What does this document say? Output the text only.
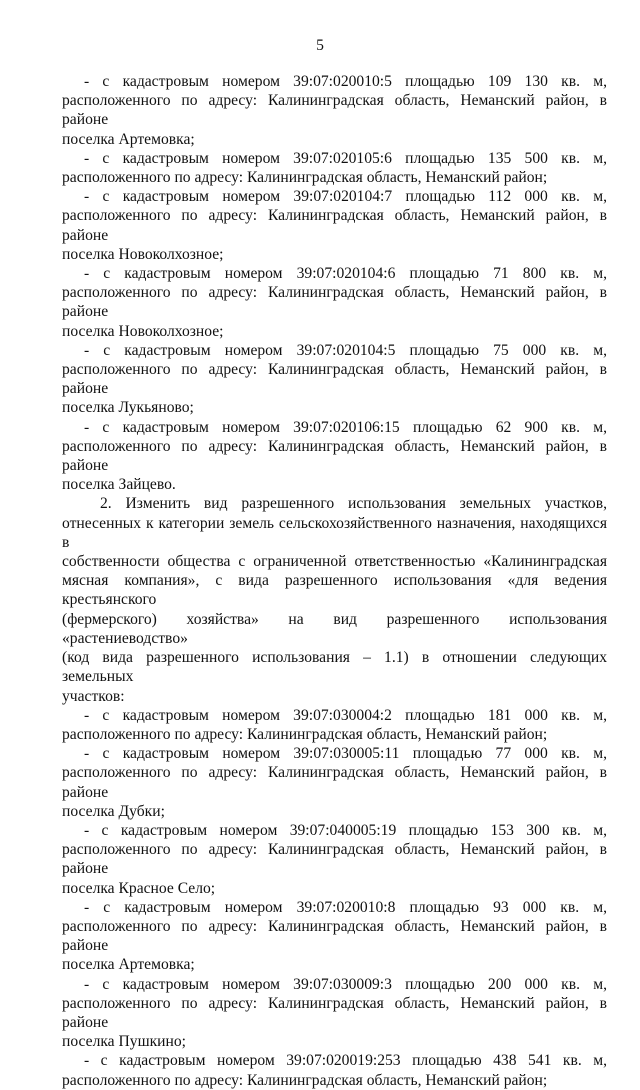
5

- с кадастровым номером 39:07:020010:5 площадью 109 130 кв. м,

расположенного по адресу: Калининградская область, Неманский район, в районе

поселка Артемовка;

- с кадастровым номером 39:07:020105:6 площадью 135 500 кв. м,

расположенного по адресу: Калининградская область, Неманский район;

- с кадастровым номером 39:07:020104:7 площадью 112 000 кв. м,

расположенного по адресу: Калининградская область, Неманский район, в районе

поселка Новоколхозное;

- с кадастровым номером 39:07:020104:6 площадью 71 800 кв. м,

расположенного по адресу: Калининградская область, Неманский район, в районе

поселка Новоколхозное;

- с кадастровым номером 39:07:020104:5 площадью 75 000 кв. м,

расположенного по адресу: Калининградская область, Неманский район, в районе

поселка Лукьяново;

- с кадастровым номером 39:07:020106:15 площадью 62 900 кв. м,

расположенного по адресу: Калининградская область, Неманский район, в районе

поселка Зайцево.

2. Изменить вид разрешенного использования земельных участков,

отнесенных к категории земель сельскохозяйственного назначения, находящихся в

собственности общества с ограниченной ответственностью «Калининградская

мясная компания», с вида разрешенного использования «для ведения крестьянского

(фермерского) хозяйства» на вид разрешенного использования «растениеводство»

(код вида разрешенного использования – 1.1) в отношении следующих земельных

участков:

- с кадастровым номером 39:07:030004:2 площадью 181 000 кв. м,

расположенного по адресу: Калининградская область, Неманский район;

- с кадастровым номером 39:07:030005:11 площадью 77 000 кв. м,

расположенного по адресу: Калининградская область, Неманский район, в районе

поселка Дубки;

- с кадастровым номером 39:07:040005:19 площадью 153 300 кв. м,

расположенного по адресу: Калининградская область, Неманский район, в районе

поселка Красное Село;

- с кадастровым номером 39:07:020010:8 площадью 93 000 кв. м,

расположенного по адресу: Калининградская область, Неманский район, в районе

поселка Артемовка;

- с кадастровым номером 39:07:030009:3 площадью 200 000 кв. м,

расположенного по адресу: Калининградская область, Неманский район, в районе

поселка Пушкино;

- с кадастровым номером 39:07:020019:253 площадью 438 541 кв. м,

расположенного по адресу: Калининградская область, Неманский район;
